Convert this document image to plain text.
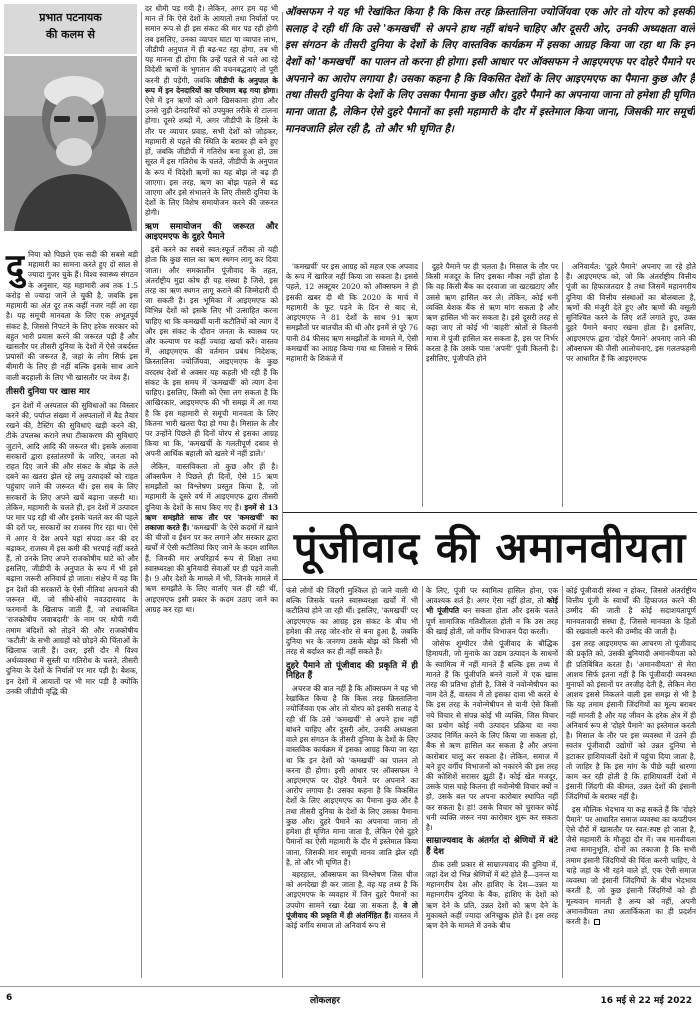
प्रभात पटनायक
की कलम से
दु निया को पिछले एक सदी की सबसे बड़ी महामारी का सामना करते हुए दो साल से ज्यादा गुजर चुके हैं। विश्व स्वास्थ्य संगठन के अनुसार, यह महामारी अब तक 1.5 करोड़ से ज्यादा जानें ले चुकी है, जबकि इस महामारी का अंत दूर तक कहीं नजर नहीं आ रहा है। यह समूची मानवता के लिए एक अभूतपूर्व संकट है, जिससे निपटने के लिए हरेक सरकार को बहुत भारी प्रयास करने की जरूरत पड़ी है और खासतौर पर तीसरी दुनिया के देशों में ऐसे जबर्दस्त प्रयासों की जरूरत है, जहां के लोग सिर्फ इस बीमारी के लिए ही नहीं बल्कि इसके साथ आने वाली बदहाली के लिए भी खासतौर पर वेध्य हैं।
तीसरी दुनिया पर खास मार
इन देशों में अस्पताल की सुविधाओं का विस्तार करने की, पर्याप्त संख्या में अस्पतालों में बैड तैयार रखने की, टैस्टिंग की सुविधाएं खड़ी करने की, टीके उपलब्ध कराने तथा टीकाकरण की सुविधाएं जुटाने, आदि आदि की जरूरत थी। इसके अलावा सरकारों द्वारा हस्तांतरणों के जरिए, जनता को राहत दिए जाने की और संकट के बोझ के तले दबने का खतरा झेल रहे लघु उत्पादकों को राहत पहुंचाए जाने की जरूरत थी। इस सब के लिए सरकारों के लिए अपने खर्चे बढ़ाना जरूरी था। लेकिन, महामारी के चलते ही, इन देशों में उत्पादन पर मार पड़ रही थी और इसके चलते कर की पहले की दरों पर, सरकारों का राजस्व गिर रहा था। ऐसे में अगर ये देश अपने यहां संपदा कर की दर बढ़ाकर, राजस्व में इस कमी की भरपाई नहीं करते हैं, तो उनके लिए अपने राजकोषीय घाटे को और इसलिए, जीडीपी के अनुपात के रूप में भी इसे बढ़ाना जरूरी अनिवार्य हो जाता। संक्षेप में यह कि इन देशों की सरकारों के ऐसी नीतियां अपनाने की जरूरत थी, जो सीधे-सीधे नवउदारवाद के फरमानों के खिलाफ जाती हैं, जो तथाकथित 'राजकोषीय जवाबदारी' के नाम पर थोपी गयी तमाम बंदिशों को तोड़ने की और राजकोषीय 'कटौती' के सभी आग्रहों को छोड़ने की चिंताओं के खिलाफ जाती हैं। उधर, इसी दौर में विश्व अर्थव्यवस्था में सुस्ती या गतिरोध के चलते, तीसरी दुनिया के देशों के निर्यातों पर मार पड़ी है। बेशक, इन देशों में आयातों पर भी मार पड़ी है क्योंकि उनकी जीडीपी वृद्धि की

दर धीमी पड़ गयी है। लेकिन, अगर हम यह भी मान लें कि ऐसे देशों के आयातों तथा निर्यातों पर समान रूप से ही इस संकट की मार पड़ रही होगी तब इसलिए, उनका व्यापार घाटा या व्यापार लाभ, जीडीपी अनुपात में ही बढ़-घट रहा होगा, तब भी यह मानना ही होगा कि उन्हें पहले से चले आ रहे विदेशी ऋणों के भुगतान की वचनबद्धताएं तो पूरी करनी ही पड़ेंगी, जबकि जीडीपी के अनुपात के रूप में इन देनदारियों का परिमाण बढ़ गया होगा। ऐसे में इन ऋणों को आगे खिसकाना होगा और उनसे जुड़ी देनदारियों को उपयुक्त तरीके से टालना होगा। दूसरे शब्दों में, अगर जीडीपी के हिस्से के तौर पर व्यापार प्रवाह, सभी देशों को जोड़कर, महामारी से पहले की स्थिति के बराबर ही बने हुए हों, जबकि जीडीपी में गतिरोध बना हुआ हो, उस सूरत में इस गतिरोध के चलते, जीडीपी के अनुपात के रूप में विदेशी ऋणों का यह बोझ तो बढ़ ही जाएगा। इस तरह, ऋण का बोझ पहले से बढ़ जाएगा और इसे संभालने के लिए तीसरी दुनिया के देशों के लिए विशेष समायोजन करने की जरूरत होगी।

ऋण समायोजन की जरूरत और आइएमएफ के दुहरे पैमाने

इसे करने का सबसे स्वत:स्फूर्त तरीका तो यही होता कि कुछ साल का ऋण स्थगन लागू कर दिया जाता। और समकालीन पूंजीवाद के तहत, अंतर्राष्ट्रीय मुद्रा कोष ही यह संस्था है जिसे, इस तरह का ऋण स्थगन लागू कराने की जिम्मेदारी दी जा सकती है। इस भूमिका में आइएमएफ को विभिन्न देशों को इसके लिए भी उत्साहित करना चाहिए था कि कमखर्ची यानी कटौतियों को त्याग दें और इस संकट के दौरान जनता के स्वास्थ्य पर और कल्याण पर कहीं ज्यादा खर्चा करें। वास्तव में, आइएमएफ की वर्तमान प्रबंध निदेशक, क्रिस्तालिना ज्योर्जियवा, आइएमएफ के कुछ वरदस्थ देशों से अक्सर यह कहती भी रही हैं कि संकट के इस समय में 'कमखर्ची' को त्याग देना चाहिए। इसलिए, किसी को ऐसा लग सकता है कि आखिरकार, आइएमएफ की भी समझ में आ गया है कि इस महामारी से समूची मानवता के लिए कितना भारी खतरा पैदा हो गया है। मिसाल के तौर पर उन्होंने पिछले ही दिनों योरप से इसका आग्रह किया था कि, 'कमखर्ची के गलतीपूर्ण दबाव से अपनी आर्थिक बहाली को खतरे में नहीं डालें।'

लेकिन, वास्तविकता तो कुछ और ही है। ऑक्सफैम ने पिछले ही दिनों, ऐसे 15 ऋण समझौतों का विश्लेषण प्रस्तुत किया है, जो महामारी के दूसरे वर्ष में आइएमएफ द्वारा तीसरी दुनिया के देशों के साथ किए गए हैं। इनमें से 13 ऋण समझौते साफ तौर पर 'कमखर्ची' का तकाजा करते हैं। 'कमखर्ची' के ऐसे कदमों में खाने की चीजों व ईंधन पर कर लगाने और सरकार द्वारा खर्चों में ऐसी कटौतियां किए जाने के कदम शामिल हैं, जिनकी मार अपरिहार्य रूप से शिक्षा तथा स्वास्थ्यरक्षा की बुनियादी सेवाओं पर ही पड़ने वाली है। 9 और देशों के मामले में भी, जिनके मामले में ऋण समझौते के लिए वार्ताएं चल ही रही थीं, आइएमएफ इसी प्रकार के कदम उठाए जाने का आग्रह कर रहा था।

ऑक्सफम ने यह भी रेखांकित किया है कि किस तरह क्रिस्तालिना ज्योर्जियवा एक ओर तो योरप को इसकी सलाह दे रही थीं कि उसे 'कमखर्ची' से अपने हाथ नहीं बांधने चाहिए और दूसरी ओर, उनकी अध्यक्षता वाले इस संगठन के तीसरी दुनिया के देशों के लिए वास्तविक कार्यक्रम में इसका आग्रह किया जा रहा था कि इन देशों को 'कमखर्ची' का पालन तो करना ही होगा। इसी आधार पर ऑक्सफम ने आइएमएफ पर दोहरे पैमाने पर अपनाने का आरोप लगाया है। उसका कहना है कि विकसित देशों के लिए आइएमएफ का पैमाना कुछ और है तथा तीसरी दुनिया के देशों के लिए उसका पैमाना कुछ और। दुहरे पैमाने का अपनाया जाना तो हमेशा ही घृणित माना जाता है, लेकिन ऐसे दुहरे पैमानों का इसी महामारी के दौर में इस्तेमाल किया जाना, जिसकी मार समूची मानवजाति झेल रही है, तो और भी घृणित है।

'कमखर्ची' पर इस आग्रह को महज एक अपवाद के रूप में खारिज नहीं किया जा सकता है। इससे पहले, 12 अक्टूबर 2020 को ऑक्सफम ने ही इसकी खबर दी थी कि 2020 के मार्च में महामारी के फूट पड़ने के दिन से बाद से, आइएमएफ ने 81 देशों के साथ 91 ऋण समझौतों पर बातचीत की थी और इनमें से पूरे 76 यानी 84 फीसद ऋण समझौतों के मामले में, ऐसी कमखर्ची का आग्रह किया गया था जिससे न सिर्फ महामारी के शिकंजे में

दुहरे पैमाने पर ही चलता है। मिसाल के तौर पर किसी मजदूर के लिए इसका मौका नहीं होता है कि वह किसी बैंक का दरवाजा जा खटखटाए और उससे ऋण हासिल कर ले। लेकिन, कोई धनी व्यक्ति बेशक बैंक से ऋण मांग सकता है और ऋण हासिल भी कर सकता है। इसे दूसरी तरह से कहा जाए तो कोई भी 'बाहरी' स्रोतों से कितनी मात्रा में पूंजी हासिल कर सकता है, इस पर निर्भर करता है कि उसके पास 'अपनी' पूंजी कितनी है। इसीलिए, पूंजीपति होने

अनिवार्यत: 'दुहरे पैमाने' अपनाए जा रहे होते हैं। आइएमएफ को, जो कि अंतर्राष्ट्रीय वित्तीय पूंजी का हिफाजतदार है तथा जिसमें महानगरीय दुनिया की वित्तीय संस्थाओं का बोलबाला है, ऋणों की मंजूरी देते हुए और ऋणों की वसूली सुनिश्चित करने के लिए शर्तें लगाते हुए, उक्त दुहरे पैमाने बनाए रखना होता है। इसलिए, आइएमएफ द्वारा 'दोहरे पैमाने' अपनाए जाने की ऑक्सफम की जैसी आलोचनाएं, इस गलतफहमी पर आधारित हैं कि आइएमएफ

पूंजीवाद की अमानवीयता

फंसे लोगों की जिंदगी मुश्किल हो जाने वाली थी बल्कि जिसके चलते स्वास्थ्यरक्षा खर्चों में भी कटौतियां होने जा रही थीं। इसलिए, 'कमखर्ची' पर आइएमएफ का आग्रह इस संकट के बीच भी हमेशा की तरह जोर-शोर से बना हुआ है, जबकि दुनिया भर के जनगण उसके बोझ को किसी भी तरह से बर्दाश्त कर ही नहीं सकते हैं।

दुहरे पैमाने तो पूंजीवाद की प्रकृति में ही निहित हैं

अचरज की बात नहीं है कि ऑक्सफम ने यह भी रेखांकित किया है कि किस तरह क्रिस्तालिना ज्योर्जियवा एक ओर तो योरप को इसकी सलाह दे रही थीं कि उसे 'कमखर्ची' से अपने हाथ नहीं बांधने चाहिए और दूसरी ओर, उनकी अध्यक्षता वाले इस संगठन के तीसरी दुनिया के देशों के लिए वास्तविक कार्यक्रम में इसका आग्रह किया जा रहा था कि इन देशों को 'कमखर्ची' का पालन तो करना ही होगा। इसी आधार पर ऑक्सफम ने आइएमएफ पर दोहरे पैमाने पर अपनाने का आरोप लगाया है। उसका कहना है कि विकसित देशों के लिए आइएमएफ का पैमाना कुछ और है तथा तीसरी दुनिया के देशों के लिए उसका पैमाना कुछ और। दुहरे पैमाने का अपनाया जाना तो हमेशा ही घृणित माना जाता है, लेकिन ऐसे दुहरे पैमानों का ऐसी महामारी के दौर में इस्तेमाल किया जाना, जिसकी मार समूची मानव जाति झेल रही है, तो और भी घृणित है।

बहरहाल, ऑक्सफम का विश्लेषण जिस चीज को अनदेखा ही कर जाता है, वह यह तथ्य है कि आइएमएफ के व्यवहार में जिन दुहरे पैमानों का उपयोग सामने रखा देखा जा सकता है, वे तो पूंजीवाद की प्रकृति में ही अंतर्निहित हैं। वास्तव में कोई वर्गीय समाज तो अनिवार्य रूप से

के लिए, पूंजी पर स्वामित्व हासिल होना, एक आवश्यक शर्त है। अगर ऐसा नहीं होता, तो कोई भी पूंजीपति बन सकता होता और इसके चलते पूर्ण सामाजिक गतिशीलता होती न कि उस तरह की खाई होती, जो वर्गीय विभाजन पैदा करती।

जोसेफ शुम्पीटर जैसे पूंजीवाद के बौद्धिक हिमायती, जो मुनाफे का उद्यम उत्पादन के साधनों के स्वामित्व में नहीं मानते हैं बल्कि इस तथ्य में मानते हैं कि पूंजीपति बनने वालों में एक खास तरह की प्रतिभा होती है, जिसे वे नवोन्मेषीपन का नाम देते हैं, वास्तव में तो इसका दावा भी करते थे कि इस तरह के नवोन्मेषीपन से यानी ऐसे किसी नये विचार से संपन्न कोई भी व्यक्ति, जिस विचार का प्रयोग कोई नयी उत्पादन प्रक्रिया या नया उत्पाद निर्मित करने के लिए किया जा सकता हो, बैंक से ऋण हासिल कर सकता है और अपना कारोबार चालू कर सकता है। लेकिन, समाज में बने हुए वर्गीय विभाजनों को नकारने की इस तरह की कोशिशें सरासर झूठी हैं। कोई खेत मजदूर, उसके पास चाहे कितना ही नवोन्मेषी विचार क्यों न हो, उसके बल पर अपना कारोबार स्थापित नहीं कर सकता है। हां! उसके विचार को चुराकर कोई धनी व्यक्ति जरूर नया कारोबार शुरू कर सकता है।

साम्राज्यवाद के अंतर्गत दो श्रेणियों में बंटे हैं देश

ठीक उसी प्रकार से साम्राज्यवाद की दुनिया में, जहां देश दो भिन्न श्रेणियों में बंटे होते हैं—उनन्त या महानगरीय देश और हाशिए के देश—उन्नत या महानगरीय दुनिया के बैंक, हाशिए के देशों को ऋण देने के प्रति, उन्नत देशों को ऋण देने के मुकाबले कहीं ज्यादा अनिच्छुक होते हैं। इस तरह ऋण देने के मामले में उनके बीच

कोई पूंजीवादी संस्था न होकर, जिससे अंतर्राष्ट्रीय वित्तीय पूंजी के स्वार्थों की हिफाजत करने की उम्मीद की जाती है कोई सदाशयतापूर्ण मानवतावादी संस्था है, जिससे मानवता के हितों की रखवाली करने की उम्मीद की जाती है।

इस तरह आइएमएफ का आचरण तो पूंजीवाद की प्रकृति को, उसकी बुनियादी अमानवीयता को ही प्रतिबिंबित करता है। 'अमानवीयता' से मेरा आशय सिर्फ इतना नहीं है कि पूंजीवादी व्यवस्था मुनाफों को इंसानों पर तरजीह देती है, लेकिन मेरा आशय इससे निकलने वाली इस समझ से भी है कि यह तमाम इंसानी जिंदगियों का मूल्य बराबर नहीं मानती है और यह जीवन के हरेक क्षेत्र में ही अनिवार्य रूप से 'दोहरे पैमाने' का इस्तेमाल करती है। मिसाल के तौर पर इस व्यवस्था में उतने ही स्वतंत्र पूंजीवादी उद्योगों को उन्नत दुनिया से हटाकर हाशियावर्ती देशों में पहुंचा दिया जाता है, तो जाहिर है कि इस मांग के पीछे यही धारणा काम कर रही होती है कि हाशियावर्ती देशों में इंसानी जिंदगी की कीमत, उन्नत देशों की इंसानी जिंदगियों के बराबर नहीं है।

इस मौलिक भेदभाव या कह सकते हैं कि 'दोहरे पैमाने' पर आधारित समाज व्यवस्था का कपटीपन ऐसे दौरों में खासतौर पर स्वत:स्पष्ट हो जाता है, जैसे महामारी के मौजूदा दौर में। जब मानवीयता तथा समानुभूति, दोनों का तकाजा है कि सभी तमाम इंसानी जिंदगियों की चिंता करनी चाहिए, वे चाहे जहां के भी रहने वाले हों, एक ऐसी समाज व्यवस्था जो इंसानी जिंदगियों के बीच भेदभाव करती है, जो कुछ इंसानी जिंदगियों को ही मूल्यवान मानती है अन्य को नहीं, अपनी अमानवीयता तथा अतार्किकता का ही प्रदर्शन करती है।

6	लोकलहर	16 मई से 22 मई 2022
